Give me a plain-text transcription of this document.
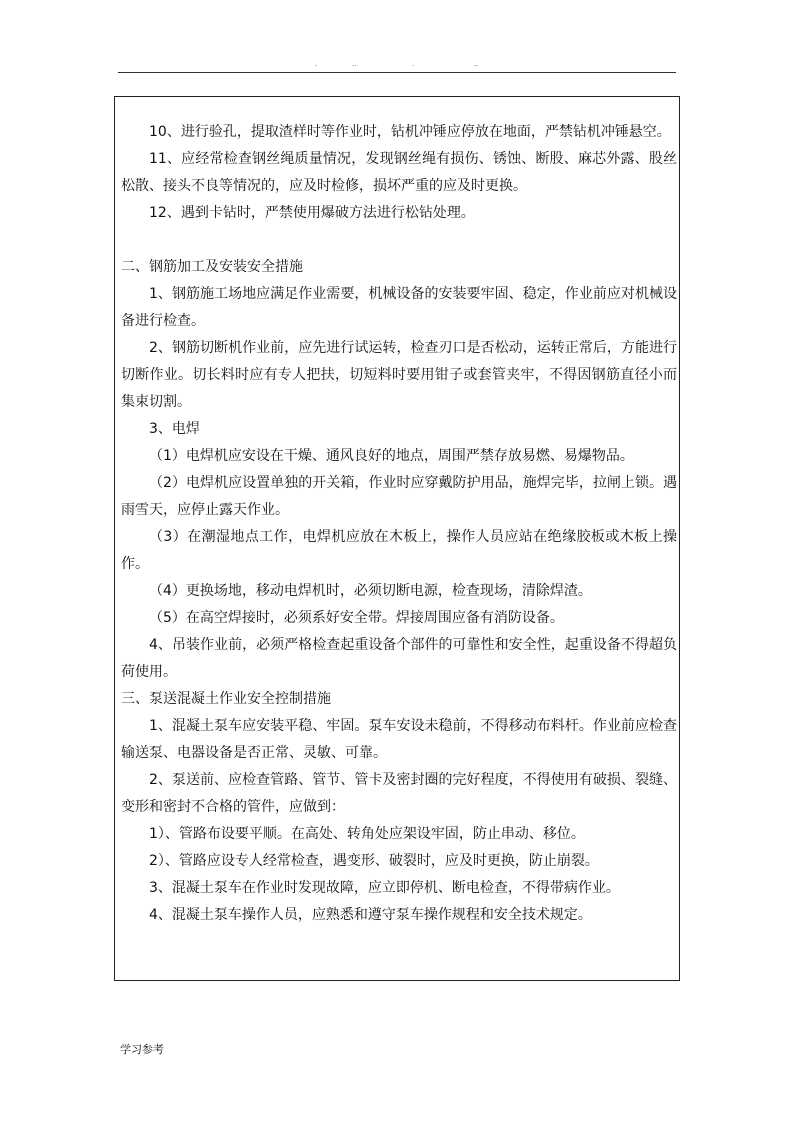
.	..	.	..

10、进行验孔，提取渣样时等作业时，钻机冲锤应停放在地面，严禁钻机冲锤悬空。

11、应经常检查钢丝绳质量情况，发现钢丝绳有损伤、锈蚀、断股、麻芯外露、股丝松散、接头不良等情况的，应及时检修，损坏严重的应及时更换。

12、遇到卡钻时，严禁使用爆破方法进行松钻处理。

二、钢筋加工及安装安全措施

1、钢筋施工场地应满足作业需要，机械设备的安装要牢固、稳定，作业前应对机械设备进行检查。

2、钢筋切断机作业前，应先进行试运转，检查刃口是否松动，运转正常后，方能进行切断作业。切长料时应有专人把扶，切短料时要用钳子或套管夹牢，不得因钢筋直径小而集束切割。

3、电焊

（1）电焊机应安设在干燥、通风良好的地点，周围严禁存放易燃、易爆物品。

（2）电焊机应设置单独的开关箱，作业时应穿戴防护用品，施焊完毕，拉闸上锁。遇雨雪天，应停止露天作业。

（3）在潮湿地点工作，电焊机应放在木板上，操作人员应站在绝缘胶板或木板上操作。

（4）更换场地，移动电焊机时，必须切断电源，检查现场，清除焊渣。

（5）在高空焊接时，必须系好安全带。焊接周围应备有消防设备。

4、吊装作业前，必须严格检查起重设备个部件的可靠性和安全性，起重设备不得超负荷使用。

三、泵送混凝土作业安全控制措施

1、混凝土泵车应安装平稳、牢固。泵车安设未稳前，不得移动布料杆。作业前应检查输送泵、电器设备是否正常、灵敏、可靠。

2、泵送前、应检查管路、管节、管卡及密封圈的完好程度，不得使用有破损、裂缝、变形和密封不合格的管件，应做到：

1）、管路布设要平顺。在高处、转角处应架设牢固，防止串动、移位。

2）、管路应设专人经常检查，遇变形、破裂时，应及时更换，防止崩裂。

3、混凝土泵车在作业时发现故障，应立即停机、断电检查，不得带病作业。

4、混凝土泵车操作人员，应熟悉和遵守泵车操作规程和安全技术规定。

学习参考
